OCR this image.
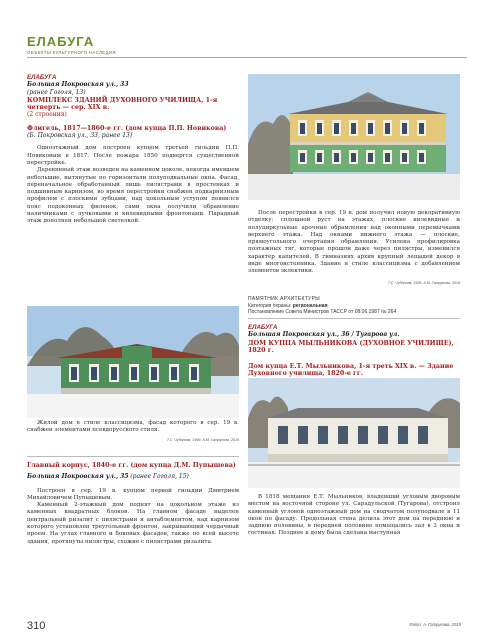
ЕЛАБУГА
ОБЪЕКТЫ КУЛЬТУРНОГО НАСЛЕДИЯ
ЕЛАБУГА
Большая Покровская ул., 33
(ранее Гоголя, 13)
КОМПЛЕКС ЗДАНИЙ ДУХОВНОГО УЧИЛИЩА, 1-я четверть — сер. XIX в.
(2 строения)
Флигель, 1817—1860-е гг. (дом купца П.П. Новикова)
(Б. Покровская ул., 33, ранее 13)

Одноэтажный дом построен купцом третьей гильдии П.П. Новиковым в 1817. После пожара 1850 подвергся существенной перестройке.

Деревянный этаж возведен на каменном цоколе, некогда имевшем небольшие, вытянутые по горизонтали полуподвальные окна. Фасад, переначальное обработанный лишь пилястрами в простенках и подшивным карнизом, во время перестройки снабжен подкарнизным профилем с плоскими зубцами, над цокольным уступом появился пояс подоконных филенок, сами окна получили обрамление наличниками с лучковыми и килевидными фронтонами. Парадный этаж дополнен небольшой светелкой.

Жилой дом в стиле классицизма, фасад которого в сер. 19 в. снабжен элементами псевдорусского стиля.

Т.С. Чубанова, 1999, А.М. Гатрунова, 2019
Главный корпус, 1840-е гг. (дом купца Д.М. Пупышева)
Большая Покровская ул., 35 (ранее Гоголя, 15)

Построен в сер. 19 в. купцом первой гильдии Дмитрием Михайловичем Пупышевым.

Каменный 2-этажный дом поднят на цокольном этаже из каменных квадратных блоков. На главном фасаде выделен центральный ризалит с пилястрами и антаблементом, над карнизом которого установлен треугольный фронтон, закрывающий чердачный проем. На углах главного и боковых фасадов, также по всей высоте здания, протянуты пилястры, схожие с пилястрами ризалита.

После перестройки в сер. 19 в. дом получил новую декоративную отделку: сплошной руст на этажах, плоские килевидные и полуциркульные арочные обрамления над оконными перемычками верхнего этажа. Над окнами нижнего этажа — плоские, прямоугольного очертания обрамления. Усилена профилировка поэтажных тяг, которые прошли даже через пилястры, изменился характер капителей. В гимназиях архив крупный лещадей декор в виде многоистенника. Здание в стиле классицизма с добавлением элементов эклектики.

Т.С. Чубанова, 1995, А.М. Гатрунова, 2019
ПАМЯТНИК АРХИТЕКТУРЫ
Категория охраны: региональная
Постановление Совета Министров ТАССР от 08.06.1987 № 264
ЕЛАБУГА
Большая Покровская ул., 36 / Тугарова ул.
ДОМ КУПЦА МЫЛЬНИКОВА (ДУХОВНОЕ УЧИЛИЩЕ), 1820 г.
Дом купца Е.Т. Мыльникова, 1-я треть XIX в. — Здание Духовного училища, 1820-е гг.

В 1818 мещанин Е.Т. Мыльников, владевший угловым дворовым местом на восточной стороне ул. Сарадульской (Тугарова), отстроил каменный угловой одноэтажный дом на сводчатом полуподвале в 11 окон по фасаду. Продольная стена делила этот дом на переднюю и заднюю половины, в передней половине помещались зал в 3 окна и гостиная. Позднее к дому была сделана выступная

310	Фото: А. Гатрунова, 2019
